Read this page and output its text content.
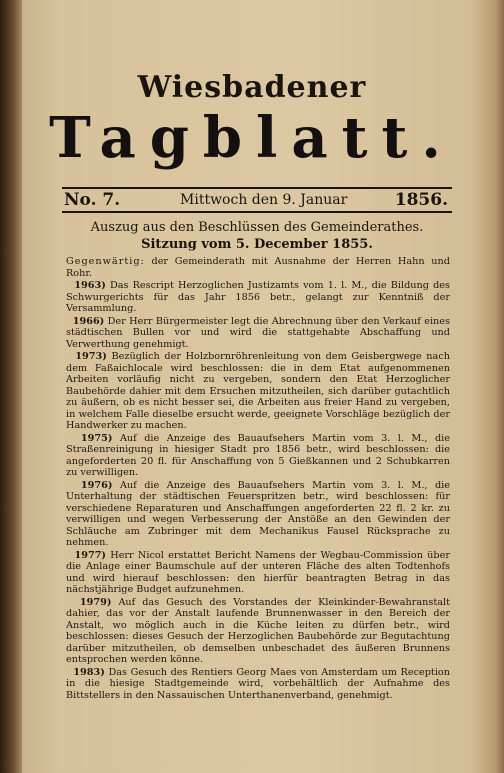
Wiesbadener
Tagblatt.
No. 7.	Mittwoch den 9. Januar	1856.
Auszug aus den Beschlüssen des Gemeinderathes.
Sitzung vom 5. December 1855.

Gegenwärtig: der Gemeinderath mit Ausnahme der Herren Hahn und Rohr.

1963) Das Rescript Herzoglichen Justizamts vom 1. l. M., die Bildung des Schwurgerichts für das Jahr 1856 betr., gelangt zur Kenntniß der Versammlung.

1966) Der Herr Bürgermeister legt die Abrechnung über den Verkauf eines städtischen Bullen vor und wird die stattgehabte Abschaffung und Verwerthung genehmigt.

1973) Bezüglich der Holzbornröhrenleitung von dem Geisbergwege nach dem Faßaichlocale wird beschlossen: die in dem Etat aufgenommenen Arbeiten vorläufig nicht zu vergeben, sondern den Etat Herzoglicher Baubehörde dahier mit dem Ersuchen mitzutheilen, sich darüber gutachtlich zu äußern, ob es nicht besser sei, die Arbeiten aus freier Hand zu vergeben, in welchem Falle dieselbe ersucht werde, geeignete Vorschläge bezüglich der Handwerker zu machen.

1975) Auf die Anzeige des Bauaufsehers Martin vom 3. l. M., die Straßenreinigung in hiesiger Stadt pro 1856 betr., wird beschlossen: die angeforderten 20 fl. für Anschaffung von 5 Gießkannen und 2 Schubkarren zu verwilligen.

1976) Auf die Anzeige des Bauaufsehers Martin vom 3. l. M., die Unterhaltung der städtischen Feuerspritzen betr., wird beschlossen: für verschiedene Reparaturen und Anschaffungen angeforderten 22 fl. 2 kr. zu verwilligen und wegen Verbesserung der Anstöße an den Gewinden der Schläuche am Zubringer mit dem Mechanikus Fausel Rücksprache zu nehmen.

1977) Herr Nicol erstattet Bericht Namens der Wegbau-Commission über die Anlage einer Baumschule auf der unteren Fläche des alten Todtenhofs und wird hierauf beschlossen: den hierfür beantragten Betrag in das nächstjährige Budget aufzunehmen.

1979) Auf das Gesuch des Vorstandes der Kleinkinder-Bewahranstalt dahier, das vor der Anstalt laufende Brunnenwasser in den Bereich der Anstalt, wo möglich auch in die Küche leiten zu dürfen betr., wird beschlossen: dieses Gesuch der Herzoglichen Baubehörde zur Begutachtung darüber mitzutheilen, ob demselben unbeschadet des äußeren Brunnens entsprochen werden könne.

1983) Das Gesuch des Rentiers Georg Maes von Amsterdam um Reception in die hiesige Stadtgemeinde wird, vorbehältlich der Aufnahme des Bittstellers in den Nassauischen Unterthanenverband, genehmigt.
